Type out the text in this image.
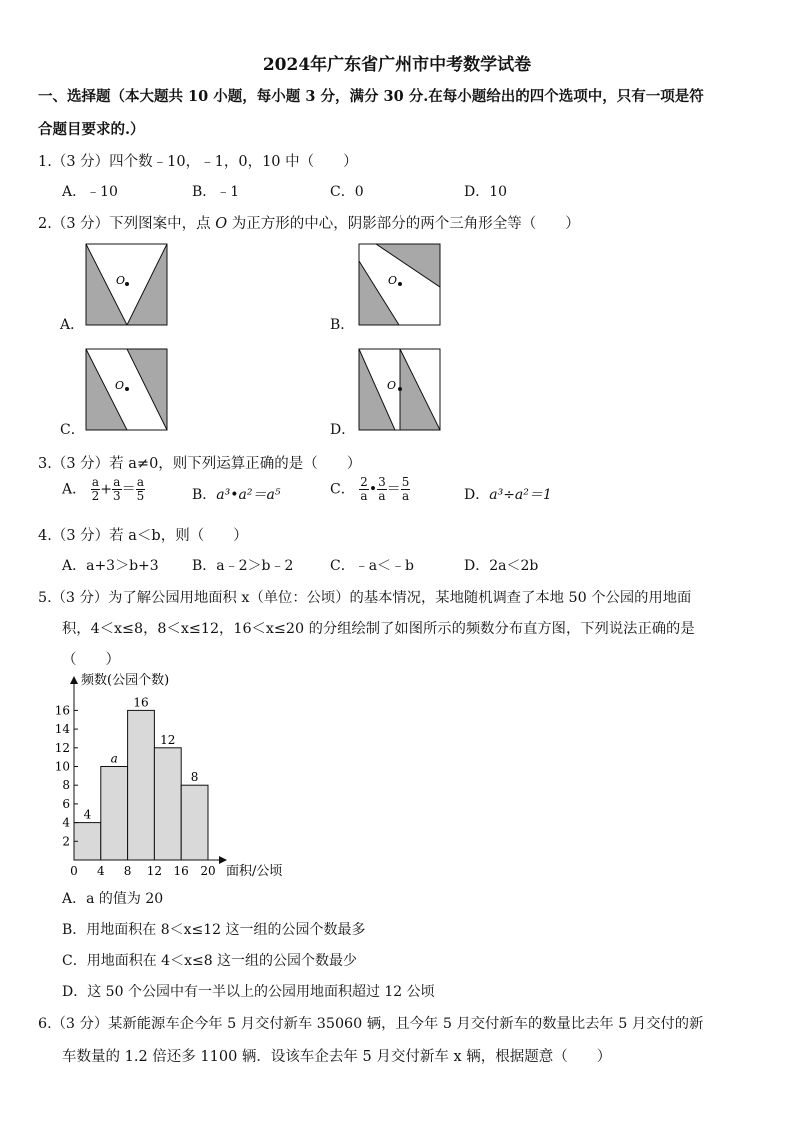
2024年广东省广州市中考数学试卷
一、选择题（本大题共 10 小题，每小题 3 分，满分 30 分.在每小题给出的四个选项中，只有一项是符
合题目要求的.）
1.（3 分）四个数﹣10，﹣1，0，10 中（　　）
A．﹣10	B．﹣1	C．0	D．10
2.（3 分）下列图案中，点 O 为正方形的中心，阴影部分的两个三角形全等（　　）
A．
O
B．
O
C．
O
D．
O
3.（3 分）若 a≠0，则下列运算正确的是（　　）
A． $\frac{a}{2} + \frac{a}{3} = \frac{a}{5}$	B．a³•a²＝a⁵	C． $\frac{2}{a}$ • $\frac{3}{a} = \frac{5}{a}$	D．a³÷a²＝1
4.（3 分）若 a＜b，则（　　）
A．a+3＞b+3 B．a﹣2＞b﹣2	C．﹣a＜﹣b	D．2a＜2b
5.（3 分）为了解公园用地面积 x（单位：公顷）的基本情况，某地随机调查了本地 50 个公园的用地面
积，4＜x≤8，8＜x≤12，16＜x≤20 的分组绘制了如图所示的频数分布直方图，下列说法正确的是
（　　）
4
a
16
12
8
2
4
6
8
10
12
14
16
0 4 8 12 16 20
频数(公园个数)
面积/公顷
A．a 的值为 20
B．用地面积在 8＜x≤12 这一组的公园个数最多
C．用地面积在 4＜x≤8 这一组的公园个数最少
D．这 50 个公园中有一半以上的公园用地面积超过 12 公顷
6.（3 分）某新能源车企今年 5 月交付新车 35060 辆，且今年 5 月交付新车的数量比去年 5 月交付的新
车数量的 1.2 倍还多 1100 辆．设该车企去年 5 月交付新车 x 辆，根据题意（　　）
